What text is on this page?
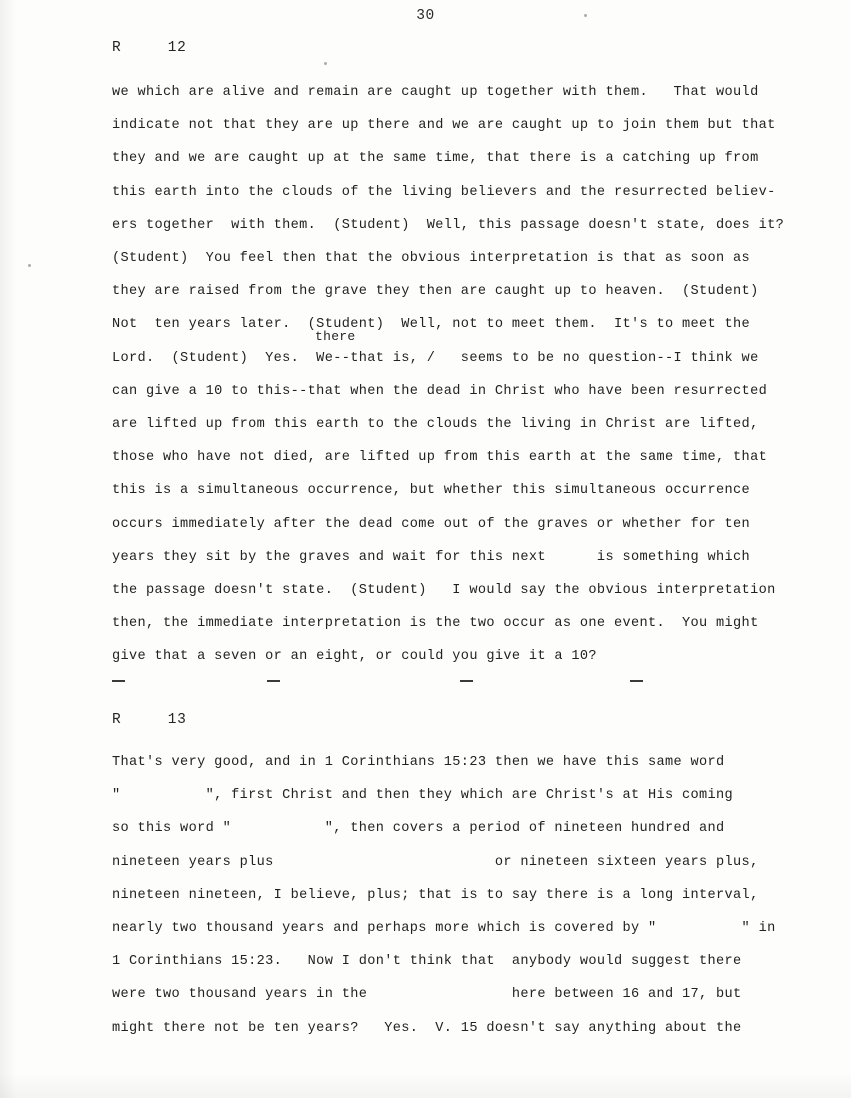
30
R     12
we which are alive and remain are caught up together with them.   That would
indicate not that they are up there and we are caught up to join them but that
they and we are caught up at the same time, that there is a catching up from
this earth into the clouds of the living believers and the resurrected believ-
ers together  with them.  (Student)  Well, this passage doesn't state, does it?
(Student)  You feel then that the obvious interpretation is that as soon as
they are raised from the grave they then are caught up to heaven.  (Student)
Not  ten years later.  (Student)  Well, not to meet them.  It's to meet the
Lord.  (Student)  Yes.  We--that is, /   seems to be no question--I think we
can give a 10 to this--that when the dead in Christ who have been resurrected
are lifted up from this earth to the clouds the living in Christ are lifted,
those who have not died, are lifted up from this earth at the same time, that
this is a simultaneous occurrence, but whether this simultaneous occurrence
occurs immediately after the dead come out of the graves or whether for ten
years they sit by the graves and wait for this next      is something which
the passage doesn't state.  (Student)   I would say the obvious interpretation
then, the immediate interpretation is the two occur as one event.  You might
give that a seven or an eight, or could you give it a 10?
there
R     13
That's very good, and in 1 Corinthians 15:23 then we have this same word
"          ", first Christ and then they which are Christ's at His coming
so this word "           ", then covers a period of nineteen hundred and
nineteen years plus                          or nineteen sixteen years plus,
nineteen nineteen, I believe, plus; that is to say there is a long interval,
nearly two thousand years and perhaps more which is covered by "          " in
1 Corinthians 15:23.   Now I don't think that  anybody would suggest there
were two thousand years in the                 here between 16 and 17, but
might there not be ten years?   Yes.  V. 15 doesn't say anything about the
